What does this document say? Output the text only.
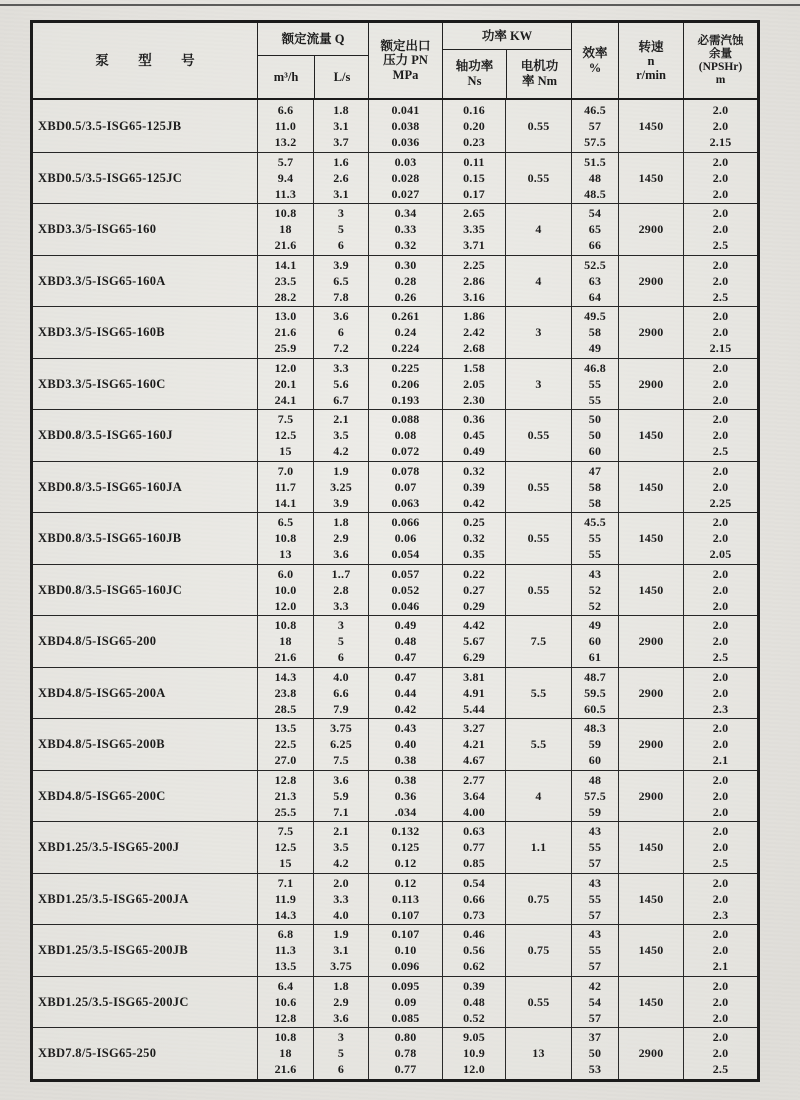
泵 型 号
额定流量 Q
m³/h	L/s
额定出口
压力 PN
MPa
功率 KW
轴功率
Ns
电机功
率 Nm
效率
%
转速
n
r/min
必需汽蚀
余量
(NPSHr)
m
XBD0.5/3.5-ISG65-125JB
6.6
11.0
13.2
1.8
3.1
3.7
0.041
0.038
0.036
0.16
0.20
0.23
0.55
46.5
57
57.5
1450
2.0
2.0
2.15
XBD0.5/3.5-ISG65-125JC
5.7
9.4
11.3
1.6
2.6
3.1
0.03
0.028
0.027
0.11
0.15
0.17
0.55
51.5
48
48.5
1450
2.0
2.0
2.0
XBD3.3/5-ISG65-160
10.8
18
21.6
3
5
6
0.34
0.33
0.32
2.65
3.35
3.71
4
54
65
66
2900
2.0
2.0
2.5
XBD3.3/5-ISG65-160A
14.1
23.5
28.2
3.9
6.5
7.8
0.30
0.28
0.26
2.25
2.86
3.16
4
52.5
63
64
2900
2.0
2.0
2.5
XBD3.3/5-ISG65-160B
13.0
21.6
25.9
3.6
6
7.2
0.261
0.24
0.224
1.86
2.42
2.68
3
49.5
58
49
2900
2.0
2.0
2.15
XBD3.3/5-ISG65-160C
12.0
20.1
24.1
3.3
5.6
6.7
0.225
0.206
0.193
1.58
2.05
2.30
3
46.8
55
55
2900
2.0
2.0
2.0
XBD0.8/3.5-ISG65-160J
7.5
12.5
15
2.1
3.5
4.2
0.088
0.08
0.072
0.36
0.45
0.49
0.55
50
50
60
1450
2.0
2.0
2.5
XBD0.8/3.5-ISG65-160JA
7.0
11.7
14.1
1.9
3.25
3.9
0.078
0.07
0.063
0.32
0.39
0.42
0.55
47
58
58
1450
2.0
2.0
2.25
XBD0.8/3.5-ISG65-160JB
6.5
10.8
13
1.8
2.9
3.6
0.066
0.06
0.054
0.25
0.32
0.35
0.55
45.5
55
55
1450
2.0
2.0
2.05
XBD0.8/3.5-ISG65-160JC
6.0
10.0
12.0
1..7
2.8
3.3
0.057
0.052
0.046
0.22
0.27
0.29
0.55
43
52
52
1450
2.0
2.0
2.0
XBD4.8/5-ISG65-200
10.8
18
21.6
3
5
6
0.49
0.48
0.47
4.42
5.67
6.29
7.5
49
60
61
2900
2.0
2.0
2.5
XBD4.8/5-ISG65-200A
14.3
23.8
28.5
4.0
6.6
7.9
0.47
0.44
0.42
3.81
4.91
5.44
5.5
48.7
59.5
60.5
2900
2.0
2.0
2.3
XBD4.8/5-ISG65-200B
13.5
22.5
27.0
3.75
6.25
7.5
0.43
0.40
0.38
3.27
4.21
4.67
5.5
48.3
59
60
2900
2.0
2.0
2.1
XBD4.8/5-ISG65-200C
12.8
21.3
25.5
3.6
5.9
7.1
0.38
0.36
.034
2.77
3.64
4.00
4
48
57.5
59
2900
2.0
2.0
2.0
XBD1.25/3.5-ISG65-200J
7.5
12.5
15
2.1
3.5
4.2
0.132
0.125
0.12
0.63
0.77
0.85
1.1
43
55
57
1450
2.0
2.0
2.5
XBD1.25/3.5-ISG65-200JA
7.1
11.9
14.3
2.0
3.3
4.0
0.12
0.113
0.107
0.54
0.66
0.73
0.75
43
55
57
1450
2.0
2.0
2.3
XBD1.25/3.5-ISG65-200JB
6.8
11.3
13.5
1.9
3.1
3.75
0.107
0.10
0.096
0.46
0.56
0.62
0.75
43
55
57
1450
2.0
2.0
2.1
XBD1.25/3.5-ISG65-200JC
6.4
10.6
12.8
1.8
2.9
3.6
0.095
0.09
0.085
0.39
0.48
0.52
0.55
42
54
57
1450
2.0
2.0
2.0
XBD7.8/5-ISG65-250
10.8
18
21.6
3
5
6
0.80
0.78
0.77
9.05
10.9
12.0
13
37
50
53
2900
2.0
2.0
2.5
